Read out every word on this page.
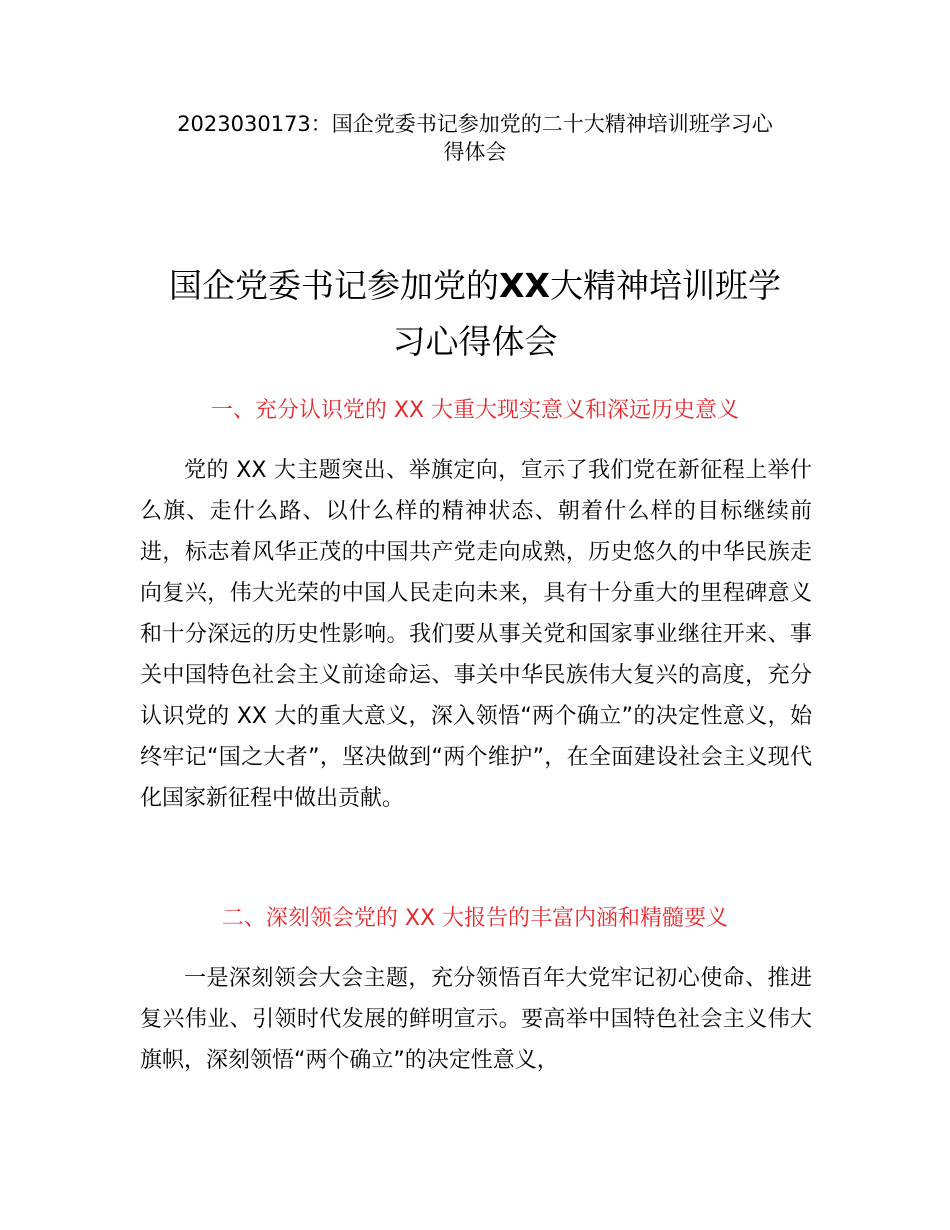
2023030173：国企党委书记参加党的二十大精神培训班学习心
得体会
国企党委书记参加党的XX大精神培训班学
习心得体会
一、充分认识党的 XX 大重大现实意义和深远历史意义
党的 XX 大主题突出、举旗定向，宣示了我们党在新征程上举什么旗、走什么路、以什么样的精神状态、朝着什么样的目标继续前进，标志着风华正茂的中国共产党走向成熟，历史悠久的中华民族走向复兴，伟大光荣的中国人民走向未来，具有十分重大的里程碑意义和十分深远的历史性影响。我们要从事关党和国家事业继往开来、事关中国特色社会主义前途命运、事关中华民族伟大复兴的高度，充分认识党的 XX 大的重大意义，深入领悟“两个确立”的决定性意义，始终牢记“国之大者”，坚决做到“两个维护”，在全面建设社会主义现代化国家新征程中做出贡献。
二、深刻领会党的 XX 大报告的丰富内涵和精髓要义
一是深刻领会大会主题，充分领悟百年大党牢记初心使命、推进复兴伟业、引领时代发展的鲜明宣示。要高举中国特色社会主义伟大旗帜，深刻领悟“两个确立”的决定性意义，
